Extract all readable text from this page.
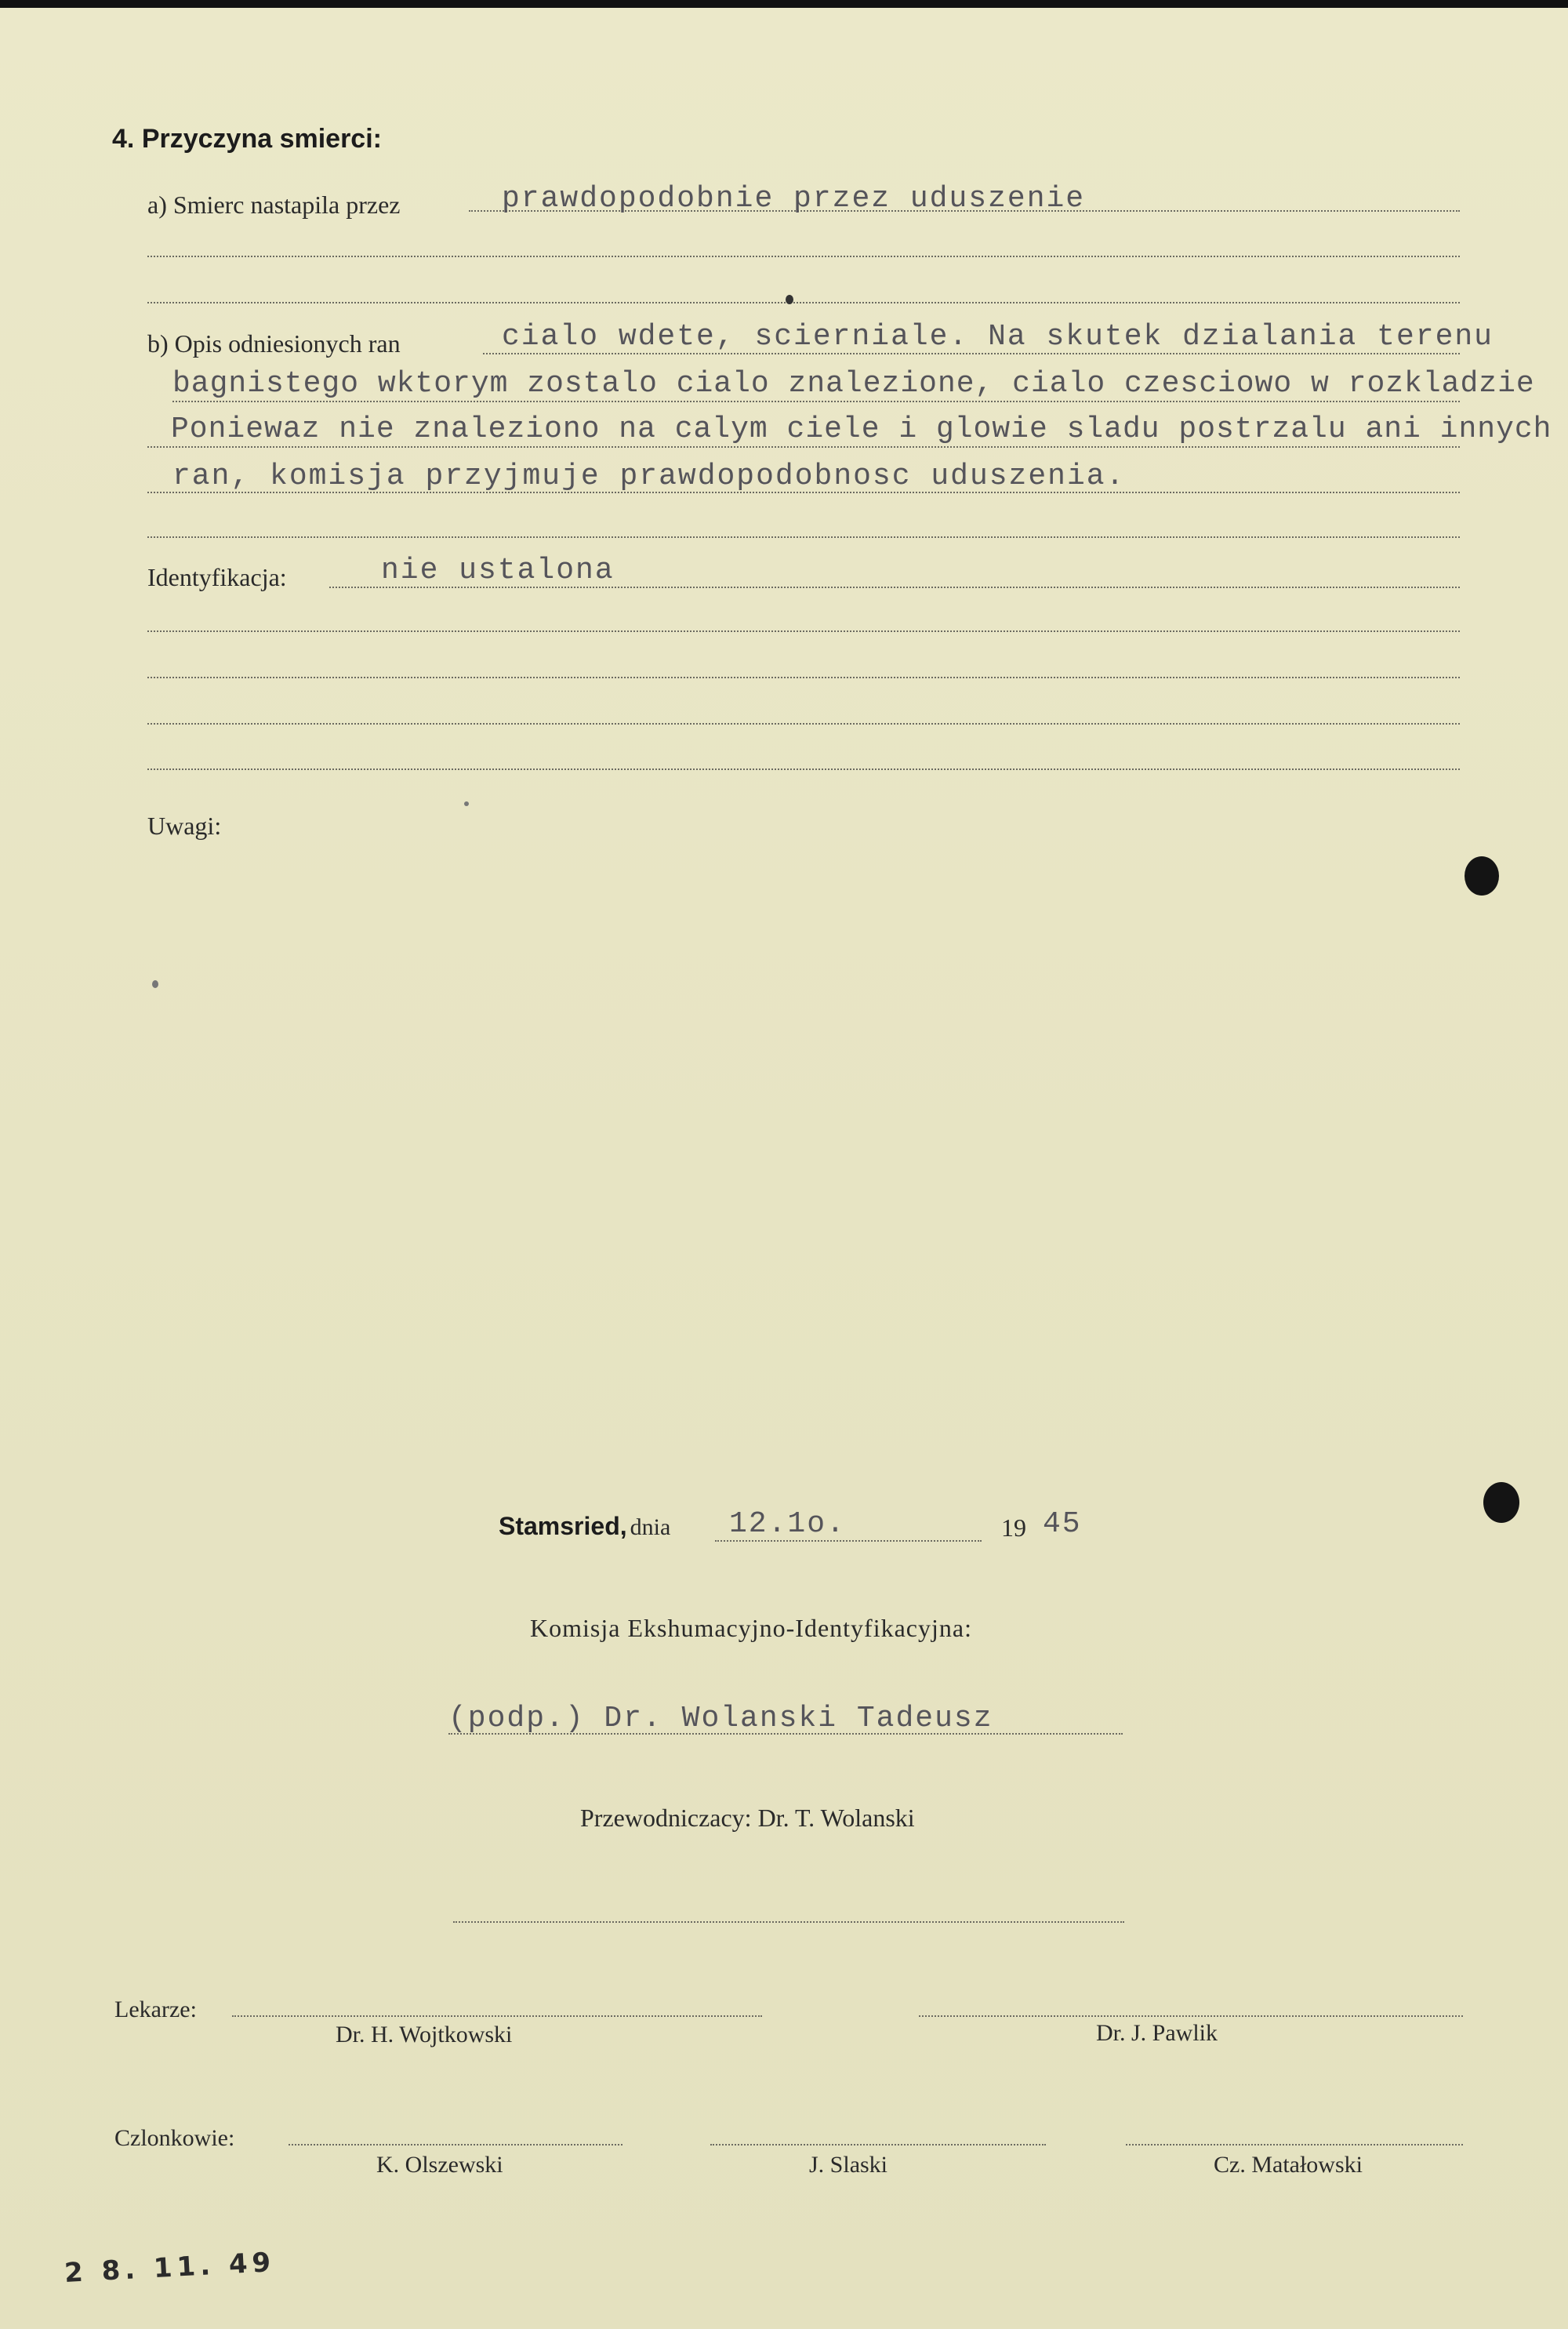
4. Przyczyna smierci:
a) Smierc nastapila przez	prawdopodobnie przez uduszenie
b) Opis odniesionych ran	cialo wdete, scierniale. Na skutek dzialania terenu
bagnistego wktorym zostalo cialo znalezione, cialo czesciowo w rozkladzie
Poniewaz nie znaleziono na calym ciele i glowie sladu postrzalu ani innych
ran, komisja przyjmuje prawdopodobnosc uduszenia.
Identyfikacja:	nie ustalona
Uwagi:
Stamsried, dnia 12.1o.	19 45
Komisja Ekshumacyjno-Identyfikacyjna:
(podp.) Dr. Wolanski Tadeusz
Przewodniczacy: Dr. T. Wolanski
Lekarze:
Dr. H. Wojtkowski	Dr. J. Pawlik
Czlonkowie:
K. Olszewski	J. Slaski	Cz. Matałowski
2 8. 11. 49
